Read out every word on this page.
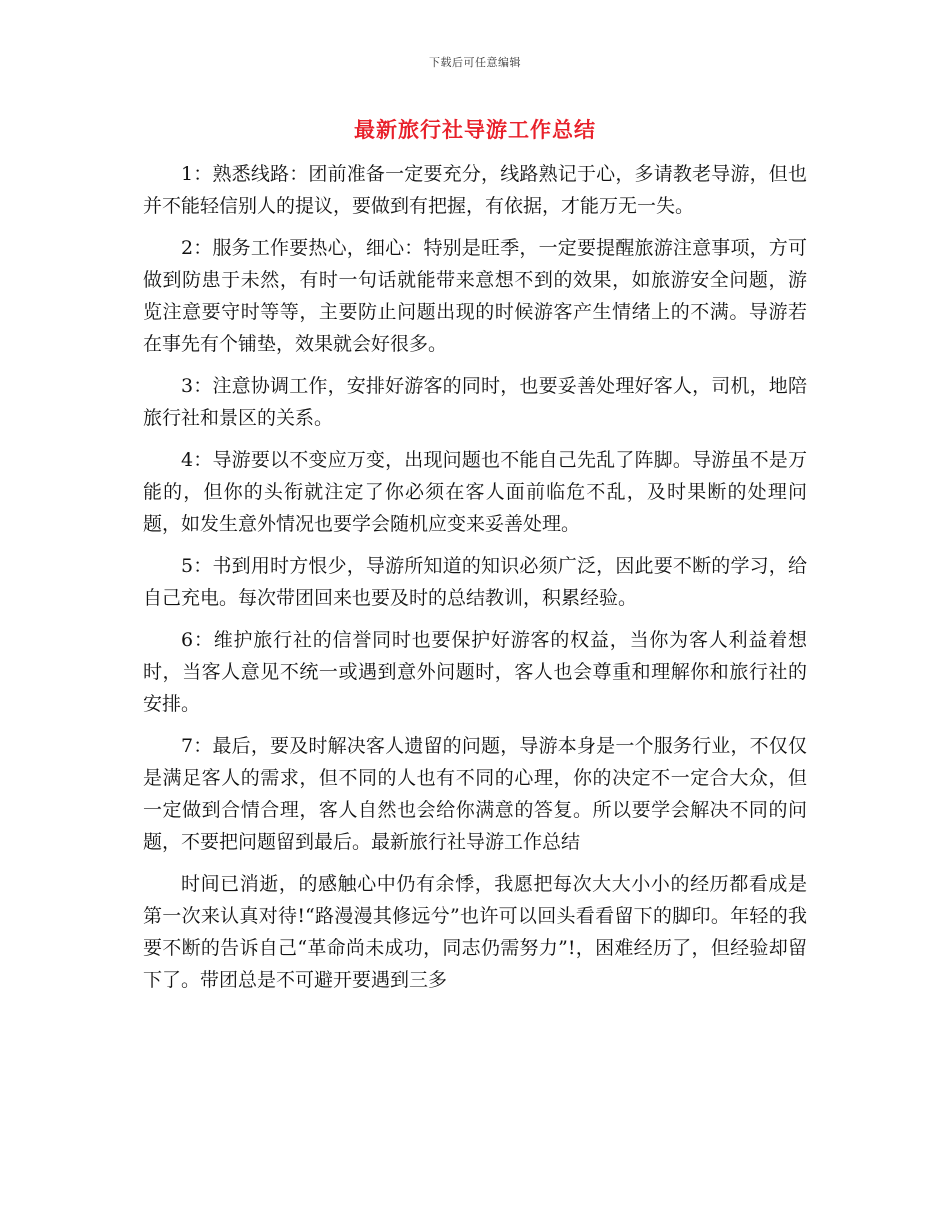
下载后可任意编辑
最新旅行社导游工作总结

1：熟悉线路：团前准备一定要充分，线路熟记于心，多请教老导游，但也并不能轻信别人的提议，要做到有把握，有依据，才能万无一失。

2：服务工作要热心，细心：特别是旺季，一定要提醒旅游注意事项，方可做到防患于未然，有时一句话就能带来意想不到的效果，如旅游安全问题，游览注意要守时等等，主要防止问题出现的时候游客产生情绪上的不满。导游若在事先有个铺垫，效果就会好很多。

3：注意协调工作，安排好游客的同时，也要妥善处理好客人，司机，地陪旅行社和景区的关系。

4：导游要以不变应万变，出现问题也不能自己先乱了阵脚。导游虽不是万能的，但你的头衔就注定了你必须在客人面前临危不乱，及时果断的处理问题，如发生意外情况也要学会随机应变来妥善处理。

5：书到用时方恨少，导游所知道的知识必须广泛，因此要不断的学习，给自己充电。每次带团回来也要及时的总结教训，积累经验。

6：维护旅行社的信誉同时也要保护好游客的权益，当你为客人利益着想时，当客人意见不统一或遇到意外问题时，客人也会尊重和理解你和旅行社的安排。

7：最后，要及时解决客人遗留的问题，导游本身是一个服务行业，不仅仅是满足客人的需求，但不同的人也有不同的心理，你的决定不一定合大众，但一定做到合情合理，客人自然也会给你满意的答复。所以要学会解决不同的问题，不要把问题留到最后。最新旅行社导游工作总结

时间已消逝，的感触心中仍有余悸，我愿把每次大大小小的经历都看成是第一次来认真对待!“路漫漫其修远兮”也许可以回头看看留下的脚印。年轻的我要不断的告诉自己“革命尚未成功，同志仍需努力”!，困难经历了，但经验却留下了。带团总是不可避开要遇到三多
